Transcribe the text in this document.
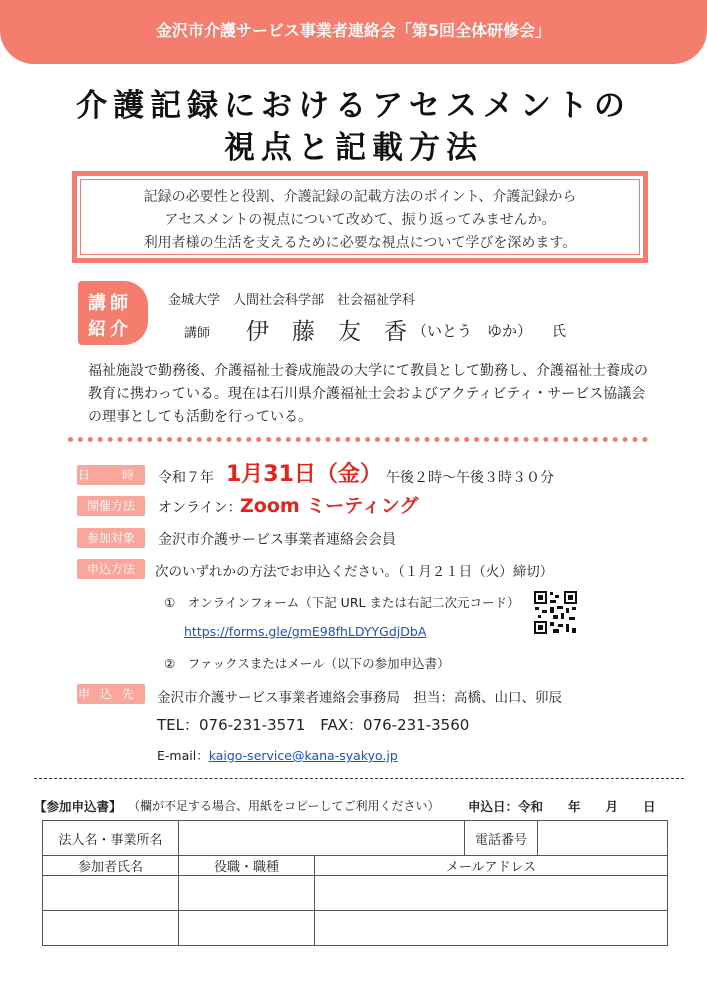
金沢市介護サービス事業者連絡会「第5回全体研修会」
介護記録におけるアセスメントの
視点と記載方法
記録の必要性と役割、介護記録の記載方法のポイント、介護記録から
アセスメントの視点について改めて、振り返ってみませんか。
利用者様の生活を支えるために必要な視点について学びを深めます。
講師
紹介
金城大学　人間社会科学部　社会福祉学科
講師 伊　藤　友　香 （いとう　ゆか） 氏
福祉施設で勤務後、介護福祉士養成施設の大学にて教員として勤務し、介護福祉士養成の
教育に携わっている。現在は石川県介護福祉士会およびアクティビティ・サービス協議会
の理事としても活動を行っている。
日　時 令和７年 1月31日（金） 午後２時〜午後３時３０分
開催方法	オンライン：
Zoom ミーティング
参加対象	金沢市介護サービス事業者連絡会会員
申込方法	次のいずれかの方法でお申込ください。（１月２１日（火）締切）
①　オンラインフォーム（下記 URL または右記二次元コード）
https://forms.gle/gmE98fhLDYYGdjDbA
②　ファックスまたはメール（以下の参加申込書）
申込先 金沢市介護サービス事業者連絡会事務局　担当：高橋、山口、卯辰
TEL：076-231-3571　FAX：076-231-3560
E-mail：kaigo-service@kana-syakyo.jp
【参加申込書】 （欄が不足する場合、用紙をコピーしてご利用ください） 申込日：令和　　年　　月　　日
法人名・事業所名			電話番号	
参加者氏名	役職・職種	メールアドレス		
